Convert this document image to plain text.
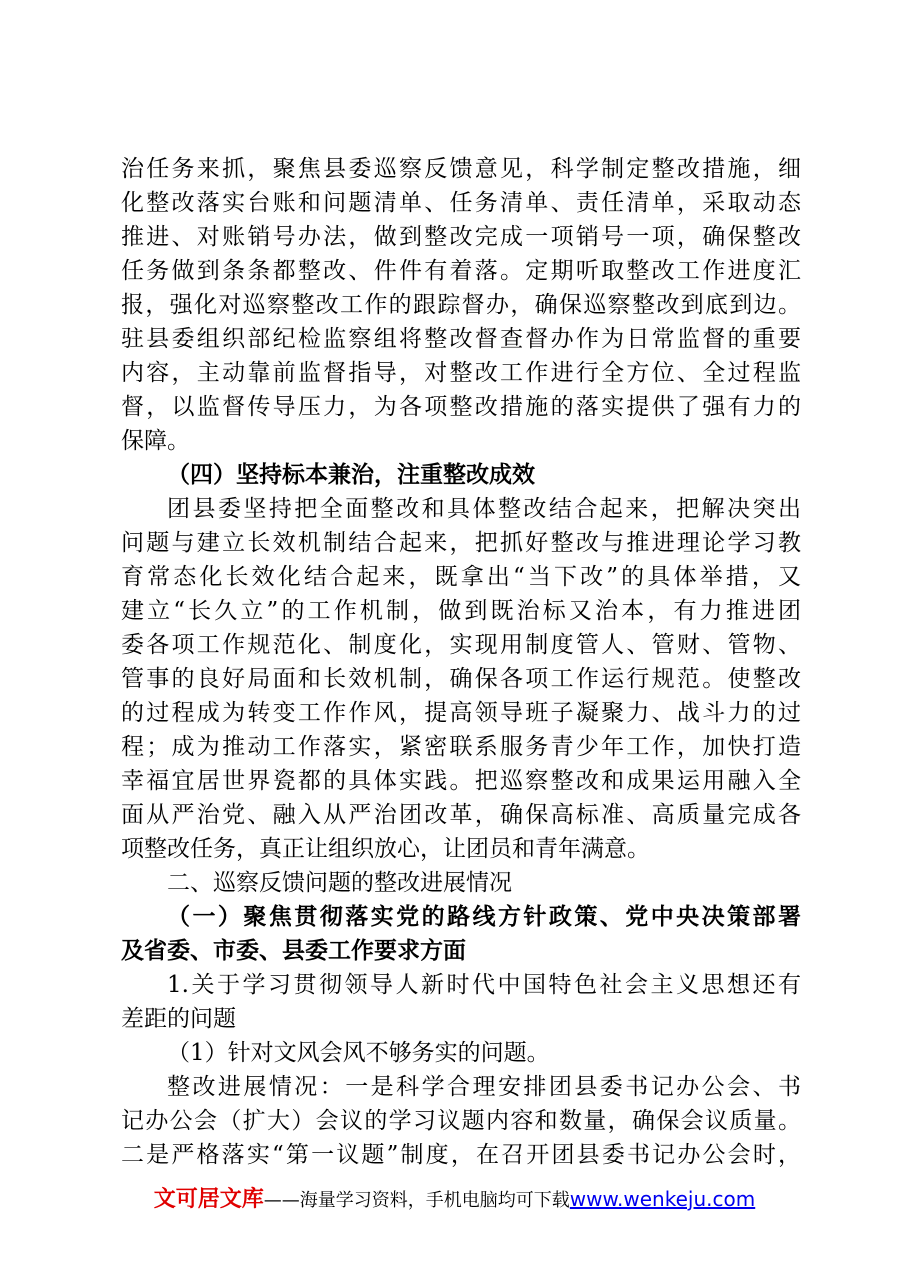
治任务来抓，聚焦县委巡察反馈意见，科学制定整改措施，细
化整改落实台账和问题清单、任务清单、责任清单，采取动态
推进、对账销号办法，做到整改完成一项销号一项，确保整改
任务做到条条都整改、件件有着落。定期听取整改工作进度汇
报，强化对巡察整改工作的跟踪督办，确保巡察整改到底到边。
驻县委组织部纪检监察组将整改督查督办作为日常监督的重要
内容，主动靠前监督指导，对整改工作进行全方位、全过程监
督，以监督传导压力，为各项整改措施的落实提供了强有力的
保障。
（四）坚持标本兼治，注重整改成效
团县委坚持把全面整改和具体整改结合起来，把解决突出
问题与建立长效机制结合起来，把抓好整改与推进理论学习教
育常态化长效化结合起来，既拿出“当下改”的具体举措，又
建立“长久立”的工作机制，做到既治标又治本，有力推进团
委各项工作规范化、制度化，实现用制度管人、管财、管物、
管事的良好局面和长效机制，确保各项工作运行规范。使整改
的过程成为转变工作作风，提高领导班子凝聚力、战斗力的过
程；成为推动工作落实，紧密联系服务青少年工作，加快打造
幸福宜居世界瓷都的具体实践。把巡察整改和成果运用融入全
面从严治党、融入从严治团改革，确保高标准、高质量完成各
项整改任务，真正让组织放心，让团员和青年满意。
二、巡察反馈问题的整改进展情况
（一）聚焦贯彻落实党的路线方针政策、党中央决策部署
及省委、市委、县委工作要求方面
1.关于学习贯彻领导人新时代中国特色社会主义思想还有
差距的问题
（1）针对文风会风不够务实的问题。
整改进展情况：一是科学合理安排团县委书记办公会、书
记办公会（扩大）会议的学习议题内容和数量，确保会议质量。
二是严格落实“第一议题”制度，在召开团县委书记办公会时，
文可居文库——海量学习资料，手机电脑均可下载www.wenkeju.com
